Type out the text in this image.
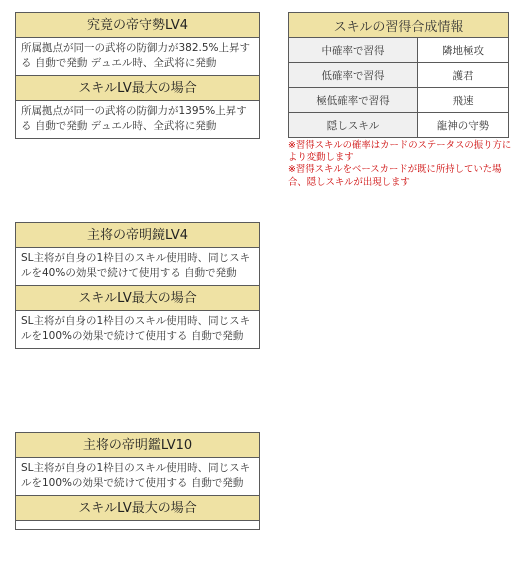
究竟の帝守勢LV4
所属拠点が同一の武将の防御力が382.5%上昇する 自動で発動 デュエル時、全武将に発動
スキルLV最大の場合
所属拠点が同一の武将の防御力が1395%上昇する 自動で発動 デュエル時、全武将に発動
主将の帝明鏡LV4
SL主将が自身の1枠目のスキル使用時、同じスキルを40%の効果で続けて使用する 自動で発動
スキルLV最大の場合
SL主将が自身の1枠目のスキル使用時、同じスキルを100%の効果で続けて使用する 自動で発動
主将の帝明鑑LV10
SL主将が自身の1枠目のスキル使用時、同じスキルを100%の効果で続けて使用する 自動で発動
スキルLV最大の場合
スキルの習得合成情報	
中確率で習得	隣地極攻
低確率で習得	護君
極低確率で習得	飛速
隠しスキル	龍神の守勢
※習得スキルの確率はカードのステータスの振り方により変動します
※習得スキルをベースカードが既に所持していた場合、隠しスキルが出現します
